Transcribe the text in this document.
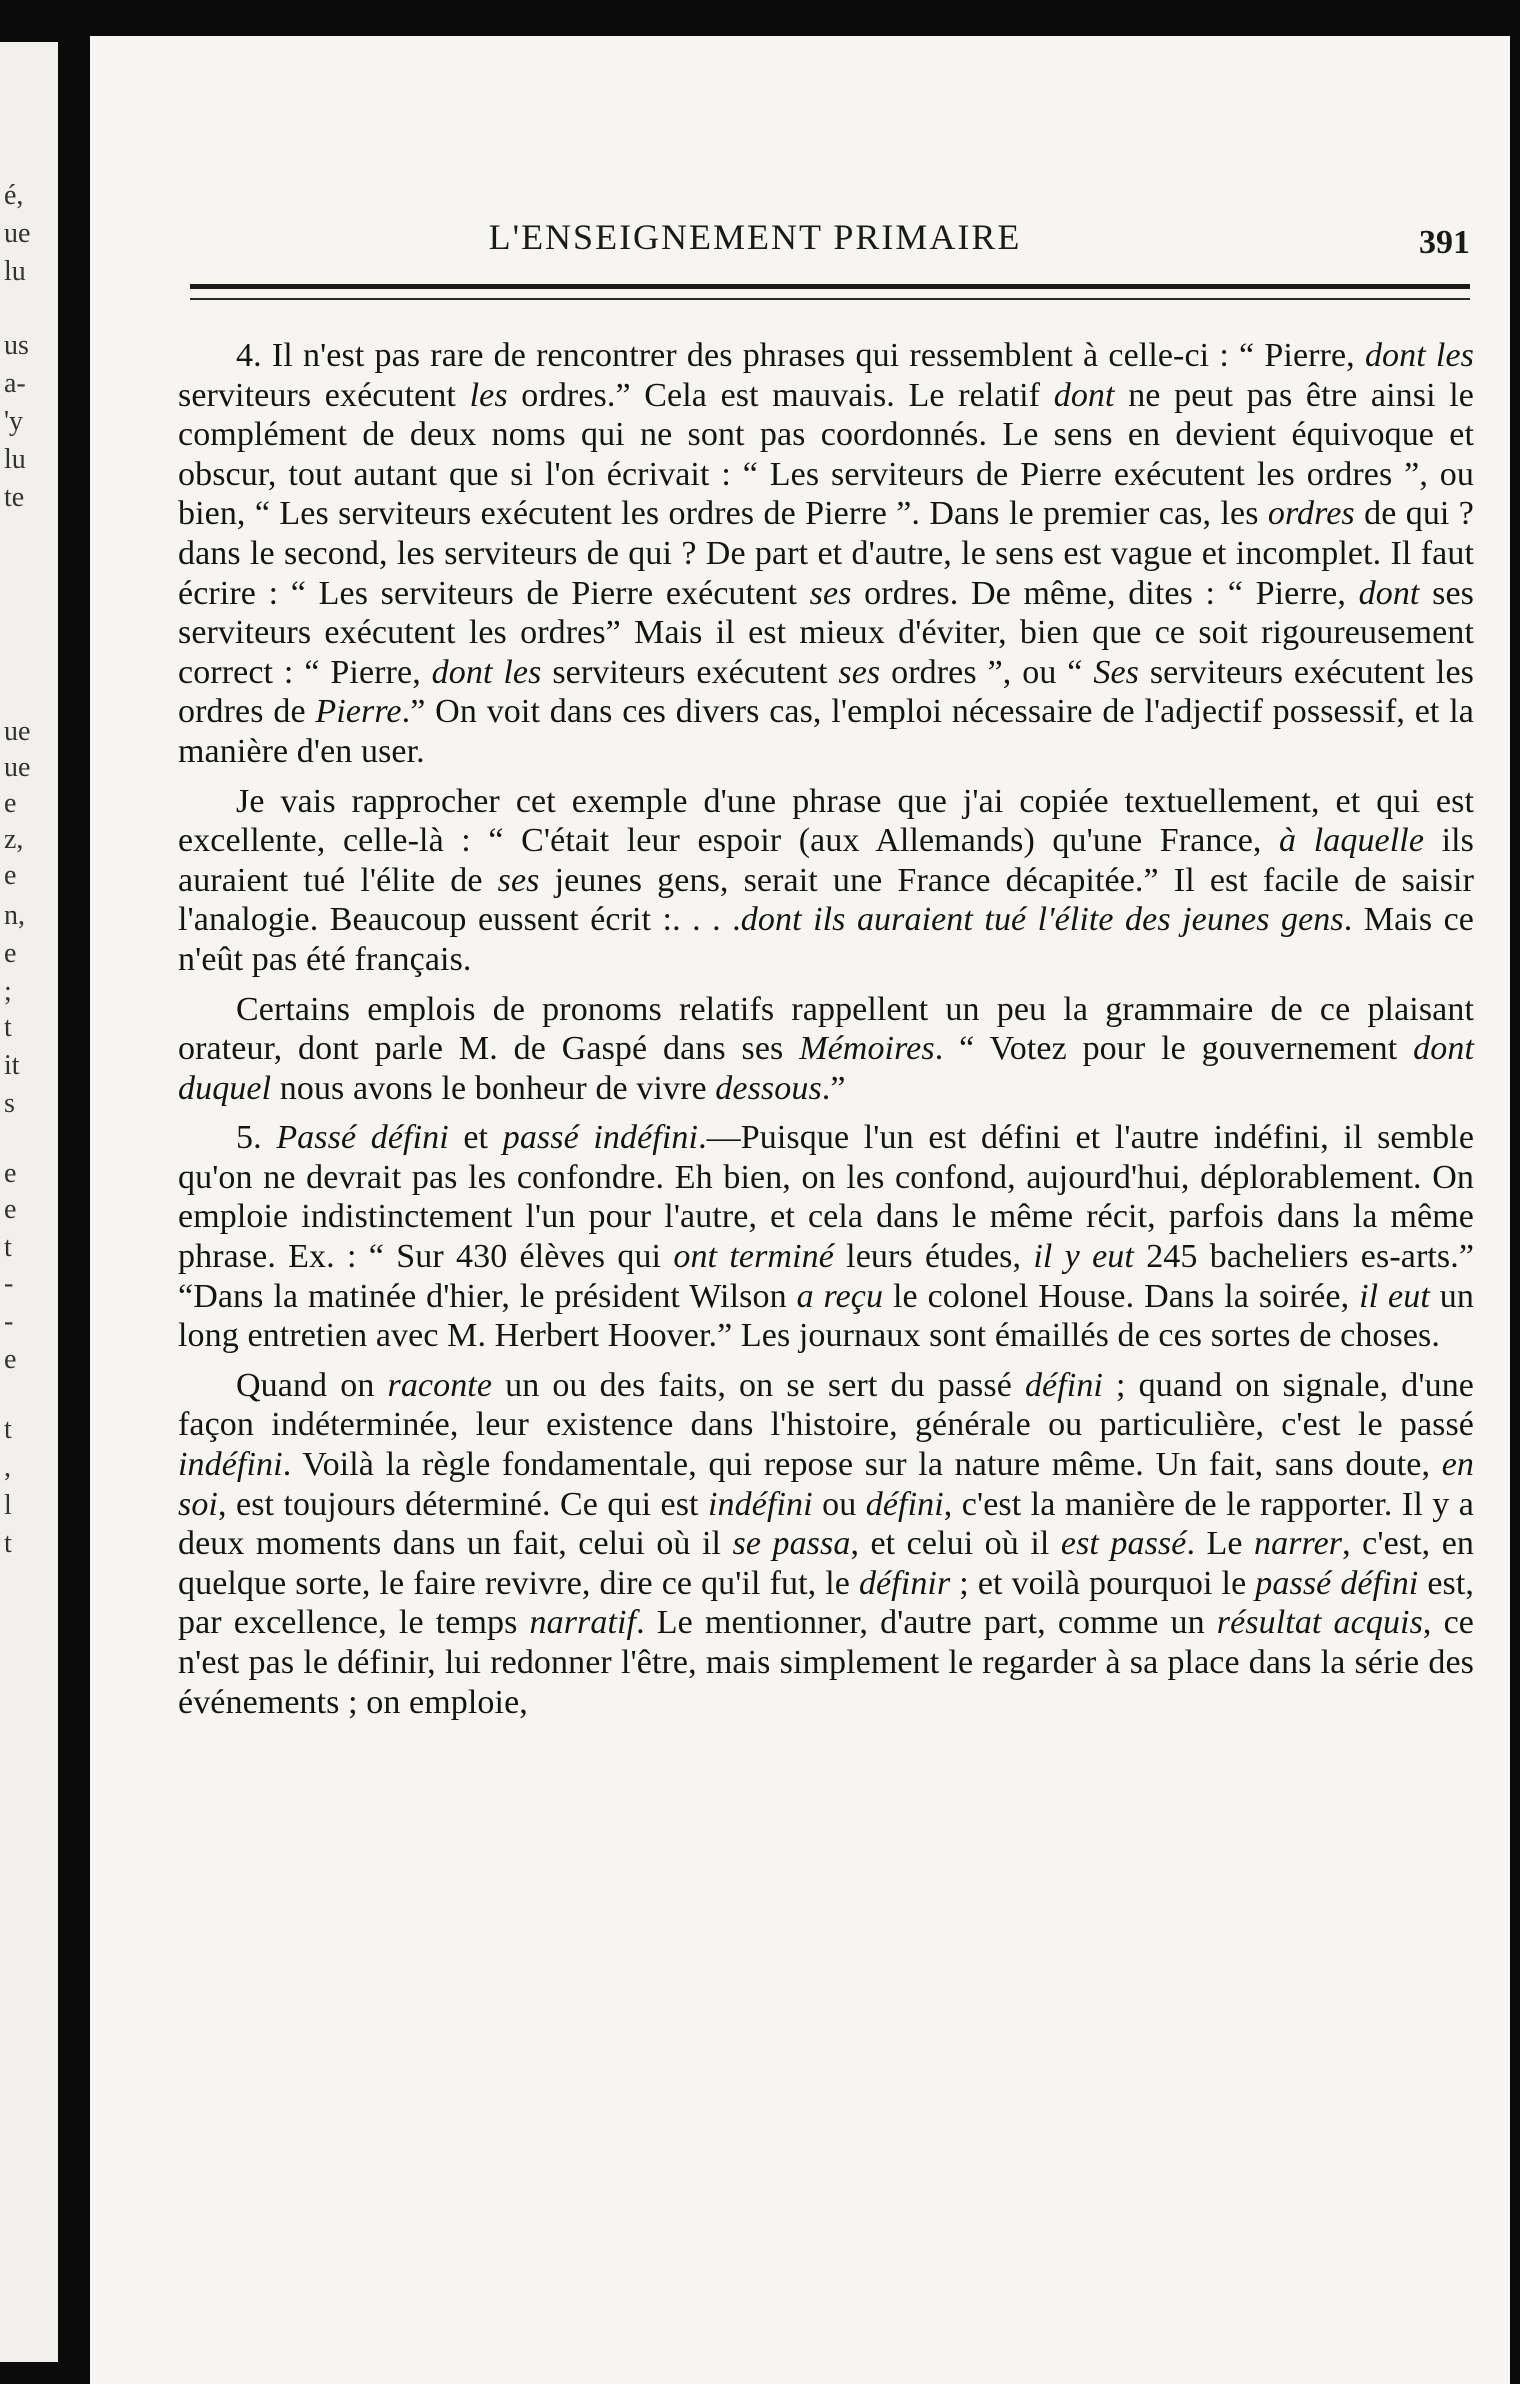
é,
ue
lu
us
a-
'y
lu
te
ue
ue
e
z,
e
n,
e
;
t
it
s
e
e
t
-
-
e
t
,
l
t
L'ENSEIGNEMENT PRIMAIRE	391

4. Il n'est pas rare de rencontrer des phrases qui ressemblent à celle-ci : “ Pierre, dont les serviteurs exécutent les ordres.” Cela est mauvais. Le relatif dont ne peut pas être ainsi le complément de deux noms qui ne sont pas coordonnés. Le sens en devient équivoque et obscur, tout autant que si l'on écrivait : “ Les serviteurs de Pierre exécutent les ordres ”, ou bien, “ Les serviteurs exécutent les ordres de Pierre ”. Dans le premier cas, les ordres de qui ? dans le second, les serviteurs de qui ? De part et d'autre, le sens est vague et incomplet. Il faut écrire : “ Les serviteurs de Pierre exécutent ses ordres. De même, dites : “ Pierre, dont ses serviteurs exécutent les ordres” Mais il est mieux d'éviter, bien que ce soit rigoureusement correct : “ Pierre, dont les serviteurs exécutent ses ordres ”, ou “ Ses serviteurs exécutent les ordres de Pierre.” On voit dans ces divers cas, l'emploi nécessaire de l'adjectif possessif, et la manière d'en user.

Je vais rapprocher cet exemple d'une phrase que j'ai copiée textuellement, et qui est excellente, celle-là : “ C'était leur espoir (aux Allemands) qu'une France, à laquelle ils auraient tué l'élite de ses jeunes gens, serait une France décapitée.” Il est facile de saisir l'analogie. Beaucoup eussent écrit :. . . .dont ils auraient tué l'élite des jeunes gens. Mais ce n'eût pas été français.

Certains emplois de pronoms relatifs rappellent un peu la grammaire de ce plaisant orateur, dont parle M. de Gaspé dans ses Mémoires. “ Votez pour le gouvernement dont duquel nous avons le bonheur de vivre dessous.”

5. Passé défini et passé indéfini.—Puisque l'un est défini et l'autre indéfini, il semble qu'on ne devrait pas les confondre. Eh bien, on les confond, aujourd'hui, déplorablement. On emploie indistinctement l'un pour l'autre, et cela dans le même récit, parfois dans la même phrase. Ex. : “ Sur 430 élèves qui ont terminé leurs études, il y eut 245 bacheliers es-arts.” “Dans la matinée d'hier, le président Wilson a reçu le colonel House. Dans la soirée, il eut un long entretien avec M. Herbert Hoover.” Les journaux sont émaillés de ces sortes de choses.

Quand on raconte un ou des faits, on se sert du passé défini ; quand on signale, d'une façon indéterminée, leur existence dans l'histoire, générale ou particulière, c'est le passé indéfini. Voilà la règle fondamentale, qui repose sur la nature même. Un fait, sans doute, en soi, est toujours déterminé. Ce qui est indéfini ou défini, c'est la manière de le rapporter. Il y a deux moments dans un fait, celui où il se passa, et celui où il est passé. Le narrer, c'est, en quelque sorte, le faire revivre, dire ce qu'il fut, le définir ; et voilà pourquoi le passé défini est, par excellence, le temps narratif. Le mentionner, d'autre part, comme un résultat acquis, ce n'est pas le définir, lui redonner l'être, mais simplement le regarder à sa place dans la série des événements ; on emploie,
